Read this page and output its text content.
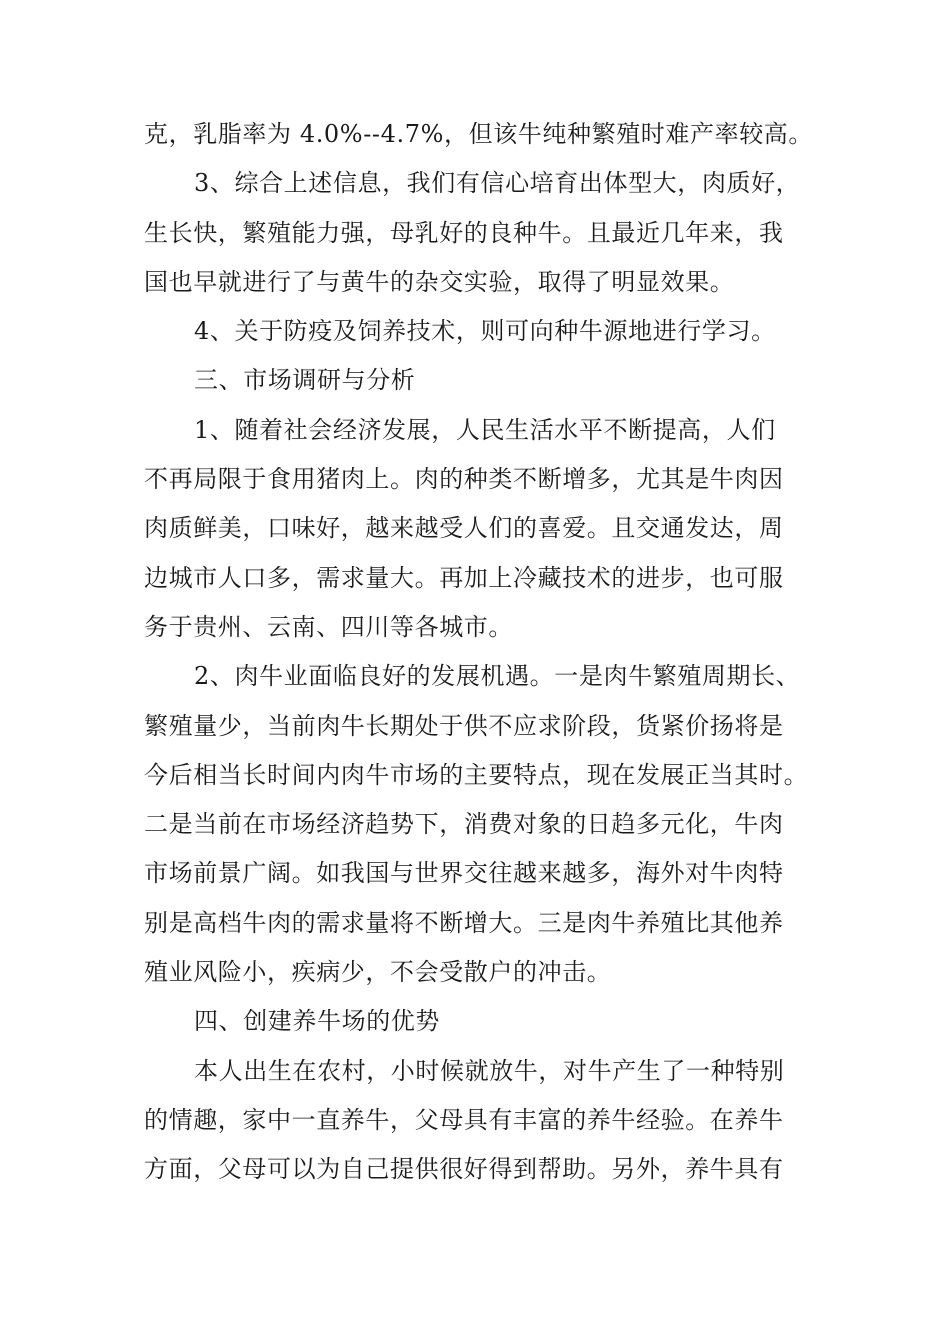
克，乳脂率为 4.0%--4.7%，但该牛纯种繁殖时难产率较高。
3、综合上述信息，我们有信心培育出体型大，肉质好，
生长快，繁殖能力强，母乳好的良种牛。且最近几年来，我
国也早就进行了与黄牛的杂交实验，取得了明显效果。
4、关于防疫及饲养技术，则可向种牛源地进行学习。
三、市场调研与分析
1、随着社会经济发展，人民生活水平不断提高，人们
不再局限于食用猪肉上。肉的种类不断增多，尤其是牛肉因
肉质鲜美，口味好，越来越受人们的喜爱。且交通发达，周
边城市人口多，需求量大。再加上冷藏技术的进步，也可服
务于贵州、云南、四川等各城市。
2、肉牛业面临良好的发展机遇。一是肉牛繁殖周期长、
繁殖量少，当前肉牛长期处于供不应求阶段，货紧价扬将是
今后相当长时间内肉牛市场的主要特点，现在发展正当其时。
二是当前在市场经济趋势下，消费对象的日趋多元化，牛肉
市场前景广阔。如我国与世界交往越来越多，海外对牛肉特
别是高档牛肉的需求量将不断增大。三是肉牛养殖比其他养
殖业风险小，疾病少，不会受散户的冲击。
四、创建养牛场的优势
本人出生在农村，小时候就放牛，对牛产生了一种特别
的情趣，家中一直养牛，父母具有丰富的养牛经验。在养牛
方面，父母可以为自己提供很好得到帮助。另外，养牛具有
